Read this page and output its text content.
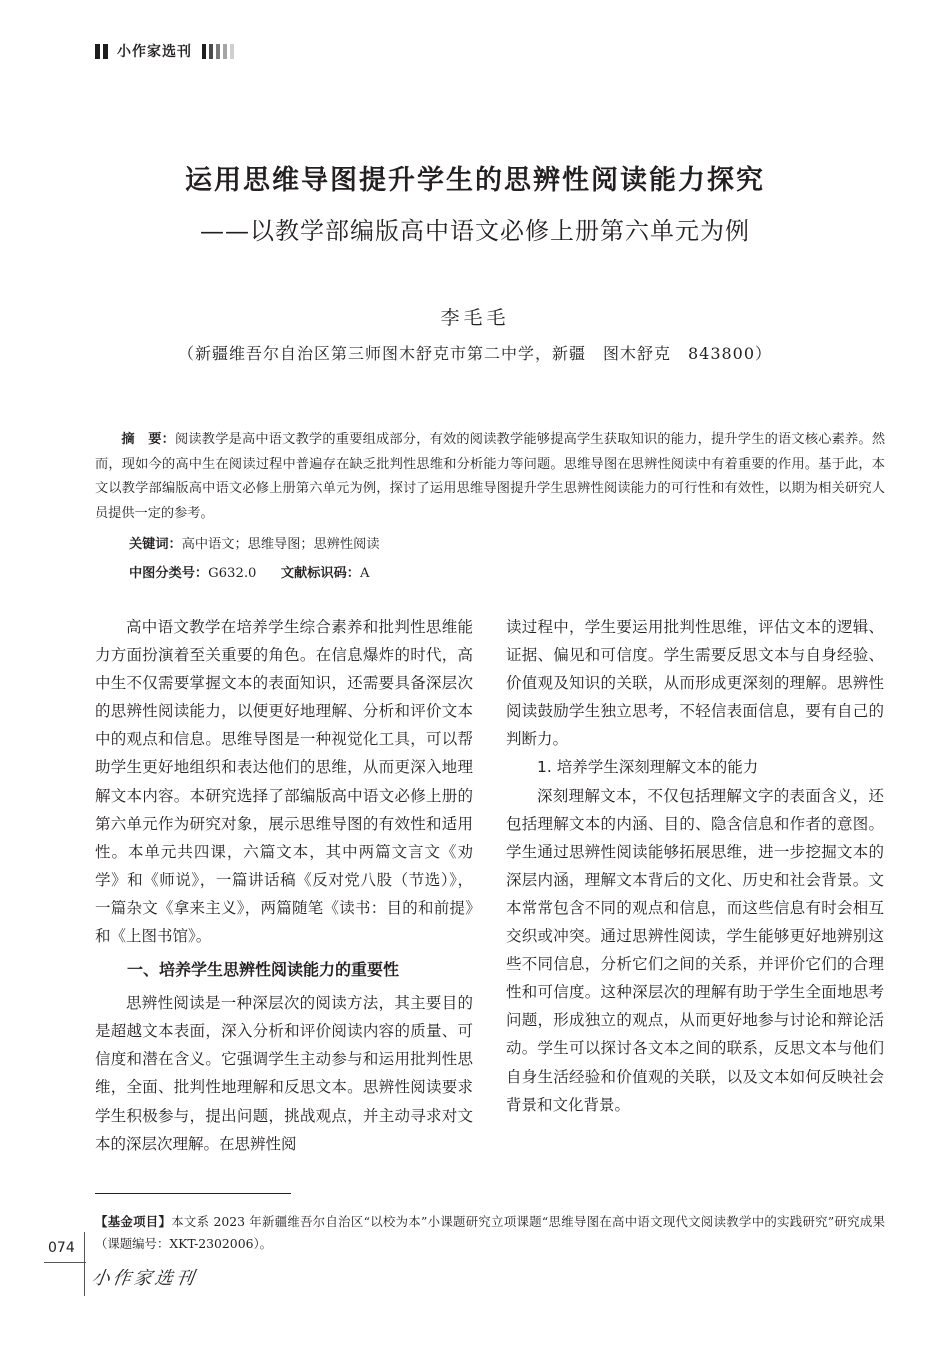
小作家选刊
运用思维导图提升学生的思辨性阅读能力探究
——以教学部编版高中语文必修上册第六单元为例
李毛毛
（新疆维吾尔自治区第三师图木舒克市第二中学，新疆　图木舒克　843800）

摘　要：阅读教学是高中语文教学的重要组成部分，有效的阅读教学能够提高学生获取知识的能力，提升学生的语文核心素养。然而，现如今的高中生在阅读过程中普遍存在缺乏批判性思维和分析能力等问题。思维导图在思辨性阅读中有着重要的作用。基于此，本文以教学部编版高中语文必修上册第六单元为例，探讨了运用思维导图提升学生思辨性阅读能力的可行性和有效性，以期为相关研究人员提供一定的参考。

关键词：高中语文；思维导图；思辨性阅读
中图分类号：G632.0 文献标识码：A

高中语文教学在培养学生综合素养和批判性思维能力方面扮演着至关重要的角色。在信息爆炸的时代，高中生不仅需要掌握文本的表面知识，还需要具备深层次的思辨性阅读能力，以便更好地理解、分析和评价文本中的观点和信息。思维导图是一种视觉化工具，可以帮助学生更好地组织和表达他们的思维，从而更深入地理解文本内容。本研究选择了部编版高中语文必修上册的第六单元作为研究对象，展示思维导图的有效性和适用性。本单元共四课，六篇文本，其中两篇文言文《劝学》和《师说》，一篇讲话稿《反对党八股（节选）》，一篇杂文《拿来主义》，两篇随笔《读书：目的和前提》和《上图书馆》。

一、培养学生思辨性阅读能力的重要性

思辨性阅读是一种深层次的阅读方法，其主要目的是超越文本表面，深入分析和评价阅读内容的质量、可信度和潜在含义。它强调学生主动参与和运用批判性思维，全面、批判性地理解和反思文本。思辨性阅读要求学生积极参与，提出问题，挑战观点，并主动寻求对文本的深层次理解。在思辨性阅

读过程中，学生要运用批判性思维，评估文本的逻辑、证据、偏见和可信度。学生需要反思文本与自身经验、价值观及知识的关联，从而形成更深刻的理解。思辨性阅读鼓励学生独立思考，不轻信表面信息，要有自己的判断力。

1. 培养学生深刻理解文本的能力

深刻理解文本，不仅包括理解文字的表面含义，还包括理解文本的内涵、目的、隐含信息和作者的意图。学生通过思辨性阅读能够拓展思维，进一步挖掘文本的深层内涵，理解文本背后的文化、历史和社会背景。文本常常包含不同的观点和信息，而这些信息有时会相互交织或冲突。通过思辨性阅读，学生能够更好地辨别这些不同信息，分析它们之间的关系，并评价它们的合理性和可信度。这种深层次的理解有助于学生全面地思考问题，形成独立的观点，从而更好地参与讨论和辩论活动。学生可以探讨各文本之间的联系，反思文本与他们自身生活经验和价值观的关联，以及文本如何反映社会背景和文化背景。

【基金项目】本文系 2023 年新疆维吾尔自治区“以校为本”小课题研究立项课题“思维导图在高中语文现代文阅读教学中的实践研究”研究成果（课题编号：XKT-2302006）。
074
小作家选刊
